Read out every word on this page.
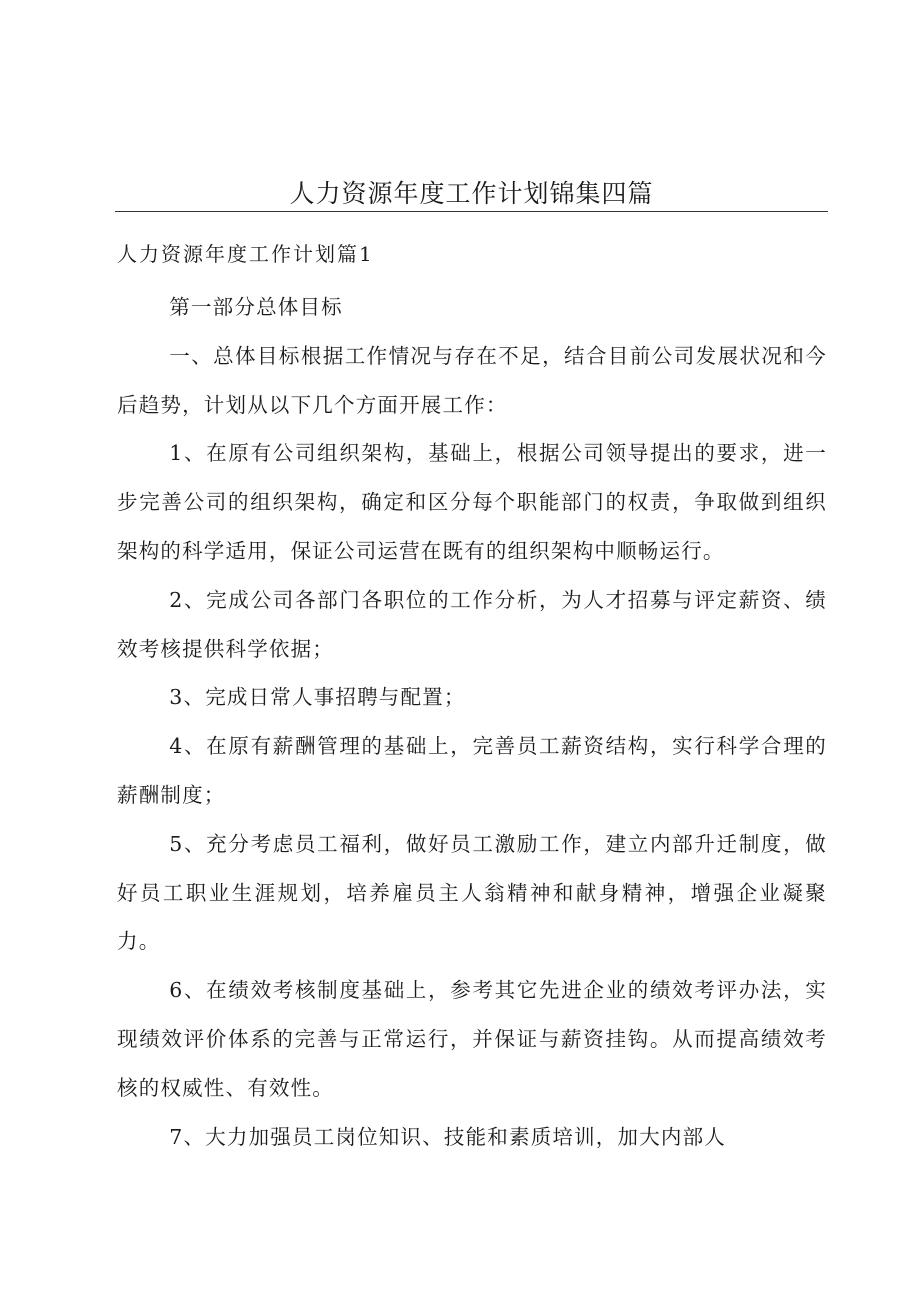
人力资源年度工作计划锦集四篇
人力资源年度工作计划篇1

第一部分总体目标

一、总体目标根据工作情况与存在不足，结合目前公司发展状况和今后趋势，计划从以下几个方面开展工作：

1、在原有公司组织架构，基础上，根据公司领导提出的要求，进一步完善公司的组织架构，确定和区分每个职能部门的权责，争取做到组织架构的科学适用，保证公司运营在既有的组织架构中顺畅运行。

2、完成公司各部门各职位的工作分析，为人才招募与评定薪资、绩效考核提供科学依据；

3、完成日常人事招聘与配置；

4、在原有薪酬管理的基础上，完善员工薪资结构，实行科学合理的薪酬制度；

5、充分考虑员工福利，做好员工激励工作，建立内部升迁制度，做好员工职业生涯规划，培养雇员主人翁精神和献身精神，增强企业凝聚力。

6、在绩效考核制度基础上，参考其它先进企业的绩效考评办法，实现绩效评价体系的完善与正常运行，并保证与薪资挂钩。从而提高绩效考核的权威性、有效性。

7、大力加强员工岗位知识、技能和素质培训，加大内部人
